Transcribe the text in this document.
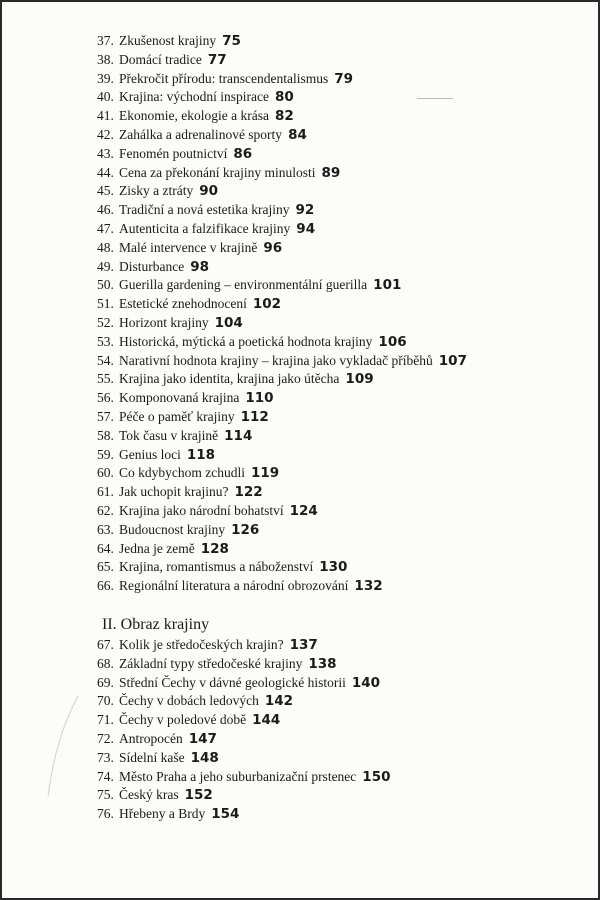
37. Zkušenost krajiny 75
38. Domácí tradice 77
39. Překročit přírodu: transcendentalismus 79
40. Krajina: východní inspirace 80
41. Ekonomie, ekologie a krása 82
42. Zahálka a adrenalinové sporty 84
43. Fenomén poutnictví 86
44. Cena za překonání krajiny minulosti 89
45. Zisky a ztráty 90
46. Tradiční a nová estetika krajiny 92
47. Autenticita a falzifikace krajiny 94
48. Malé intervence v krajině 96
49. Disturbance 98
50. Guerilla gardening – environmentální guerilla 101
51. Estetické znehodnocení 102
52. Horizont krajiny 104
53. Historická, mýtická a poetická hodnota krajiny 106
54. Narativní hodnota krajiny – krajina jako vykladač příběhů 107
55. Krajina jako identita, krajina jako útěcha 109
56. Komponovaná krajina 110
57. Péče o paměť krajiny 112
58. Tok času v krajině 114
59. Genius loci 118
60. Co kdybychom zchudli 119
61. Jak uchopit krajinu? 122
62. Krajina jako národní bohatství 124
63. Budoucnost krajiny 126
64. Jedna je země 128
65. Krajina, romantismus a náboženství 130
66. Regionální literatura a národní obrozování 132
II. Obraz krajiny
67. Kolik je středočeských krajin? 137
68. Základní typy středočeské krajiny 138
69. Střední Čechy v dávné geologické historii 140
70. Čechy v dobách ledových 142
71. Čechy v poledové době 144
72. Antropocén 147
73. Sídelní kaše 148
74. Město Praha a jeho suburbanizační prstenec 150
75. Český kras 152
76. Hřebeny a Brdy 154
